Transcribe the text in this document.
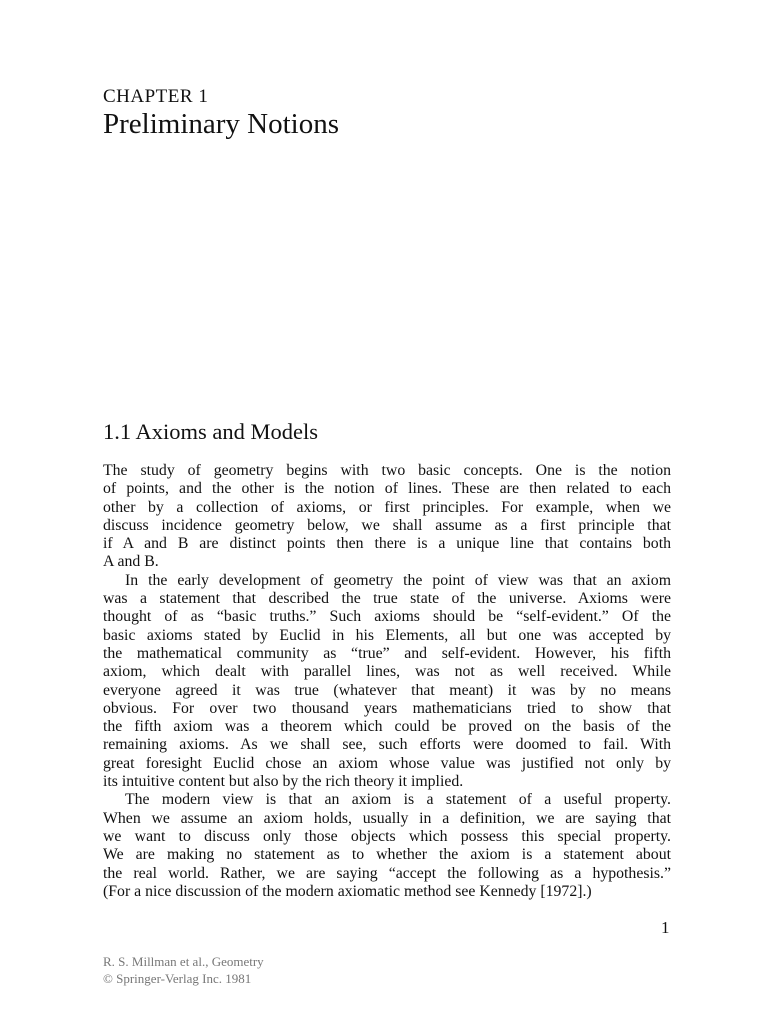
CHAPTER 1
Preliminary Notions
1.1 Axioms and Models
The study of geometry begins with two basic concepts. One is the notion
of points, and the other is the notion of lines. These are then related to each
other by a collection of axioms, or first principles. For example, when we
discuss incidence geometry below, we shall assume as a first principle that
if A and B are distinct points then there is a unique line that contains both
A and B.
In the early development of geometry the point of view was that an axiom
was a statement that described the true state of the universe. Axioms were
thought of as “basic truths.” Such axioms should be “self-evident.” Of the
basic axioms stated by Euclid in his Elements, all but one was accepted by
the mathematical community as “true” and self-evident. However, his fifth
axiom, which dealt with parallel lines, was not as well received. While
everyone agreed it was true (whatever that meant) it was by no means
obvious. For over two thousand years mathematicians tried to show that
the fifth axiom was a theorem which could be proved on the basis of the
remaining axioms. As we shall see, such efforts were doomed to fail. With
great foresight Euclid chose an axiom whose value was justified not only by
its intuitive content but also by the rich theory it implied.
The modern view is that an axiom is a statement of a useful property.
When we assume an axiom holds, usually in a definition, we are saying that
we want to discuss only those objects which possess this special property.
We are making no statement as to whether the axiom is a statement about
the real world. Rather, we are saying “accept the following as a hypothesis.”
(For a nice discussion of the modern axiomatic method see Kennedy [1972].)
1
R. S. Millman et al., Geometry
© Springer-Verlag Inc. 1981
